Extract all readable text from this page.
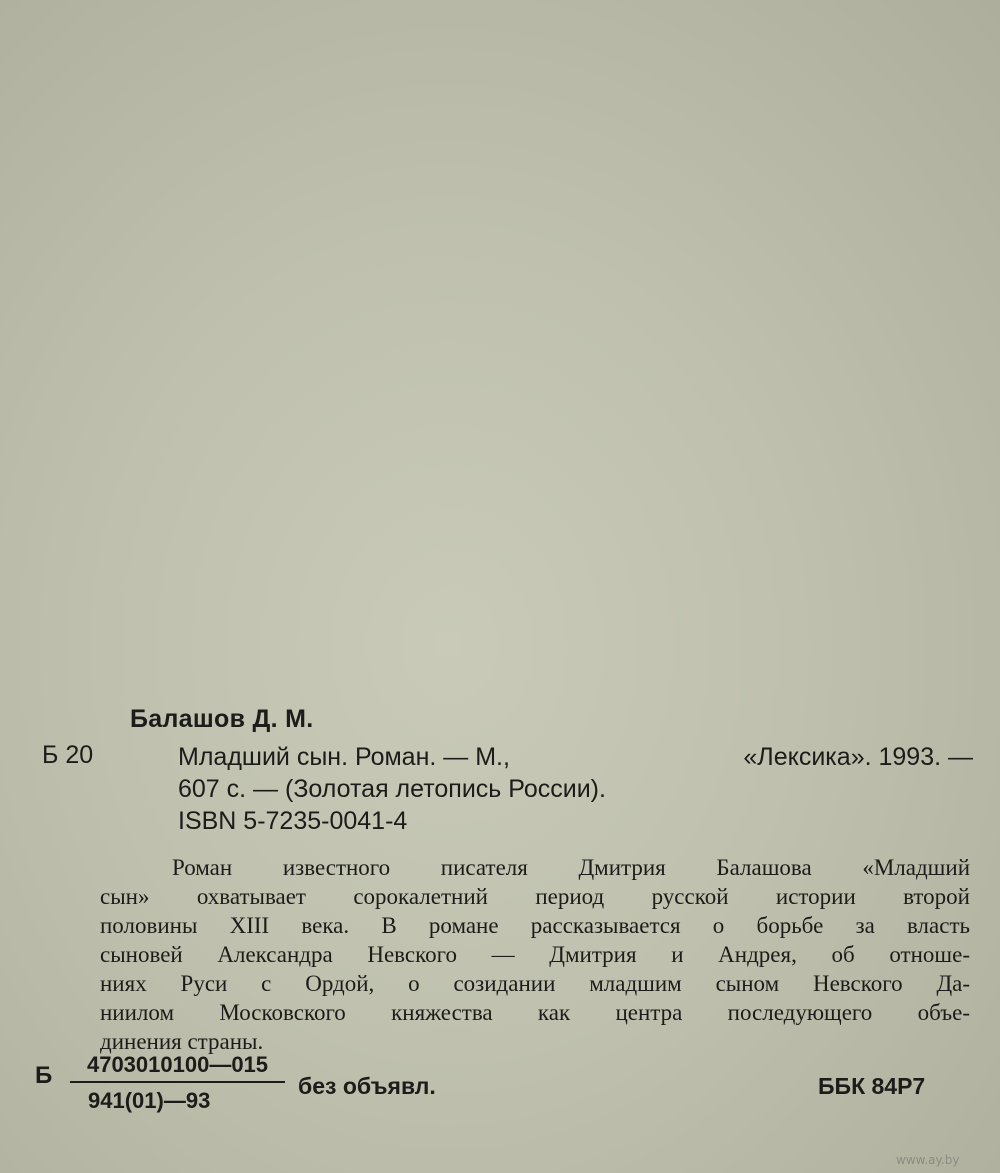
Балашов Д. М.
Б 20	Младший сын. Роман. — М.,	«Лексика». 1993. —
607 с. — (Золотая летопись России).
ISBN 5-7235-0041-4
Роман известного писателя Дмитрия Балашова «Младший
сын» охватывает сорокалетний период русской истории второй
половины XIII века. В романе рассказывается о борьбе за власть
сыновей Александра Невского — Дмитрия и Андрея, об отноше-
ниях Руси с Ордой, о созидании младшим сыном Невского Да-
ниилом Московского княжества как центра последующего объе-
динения страны.
Б	4703010100—015
941(01)—93
без объявл.	ББК 84Р7
www.ay.by
